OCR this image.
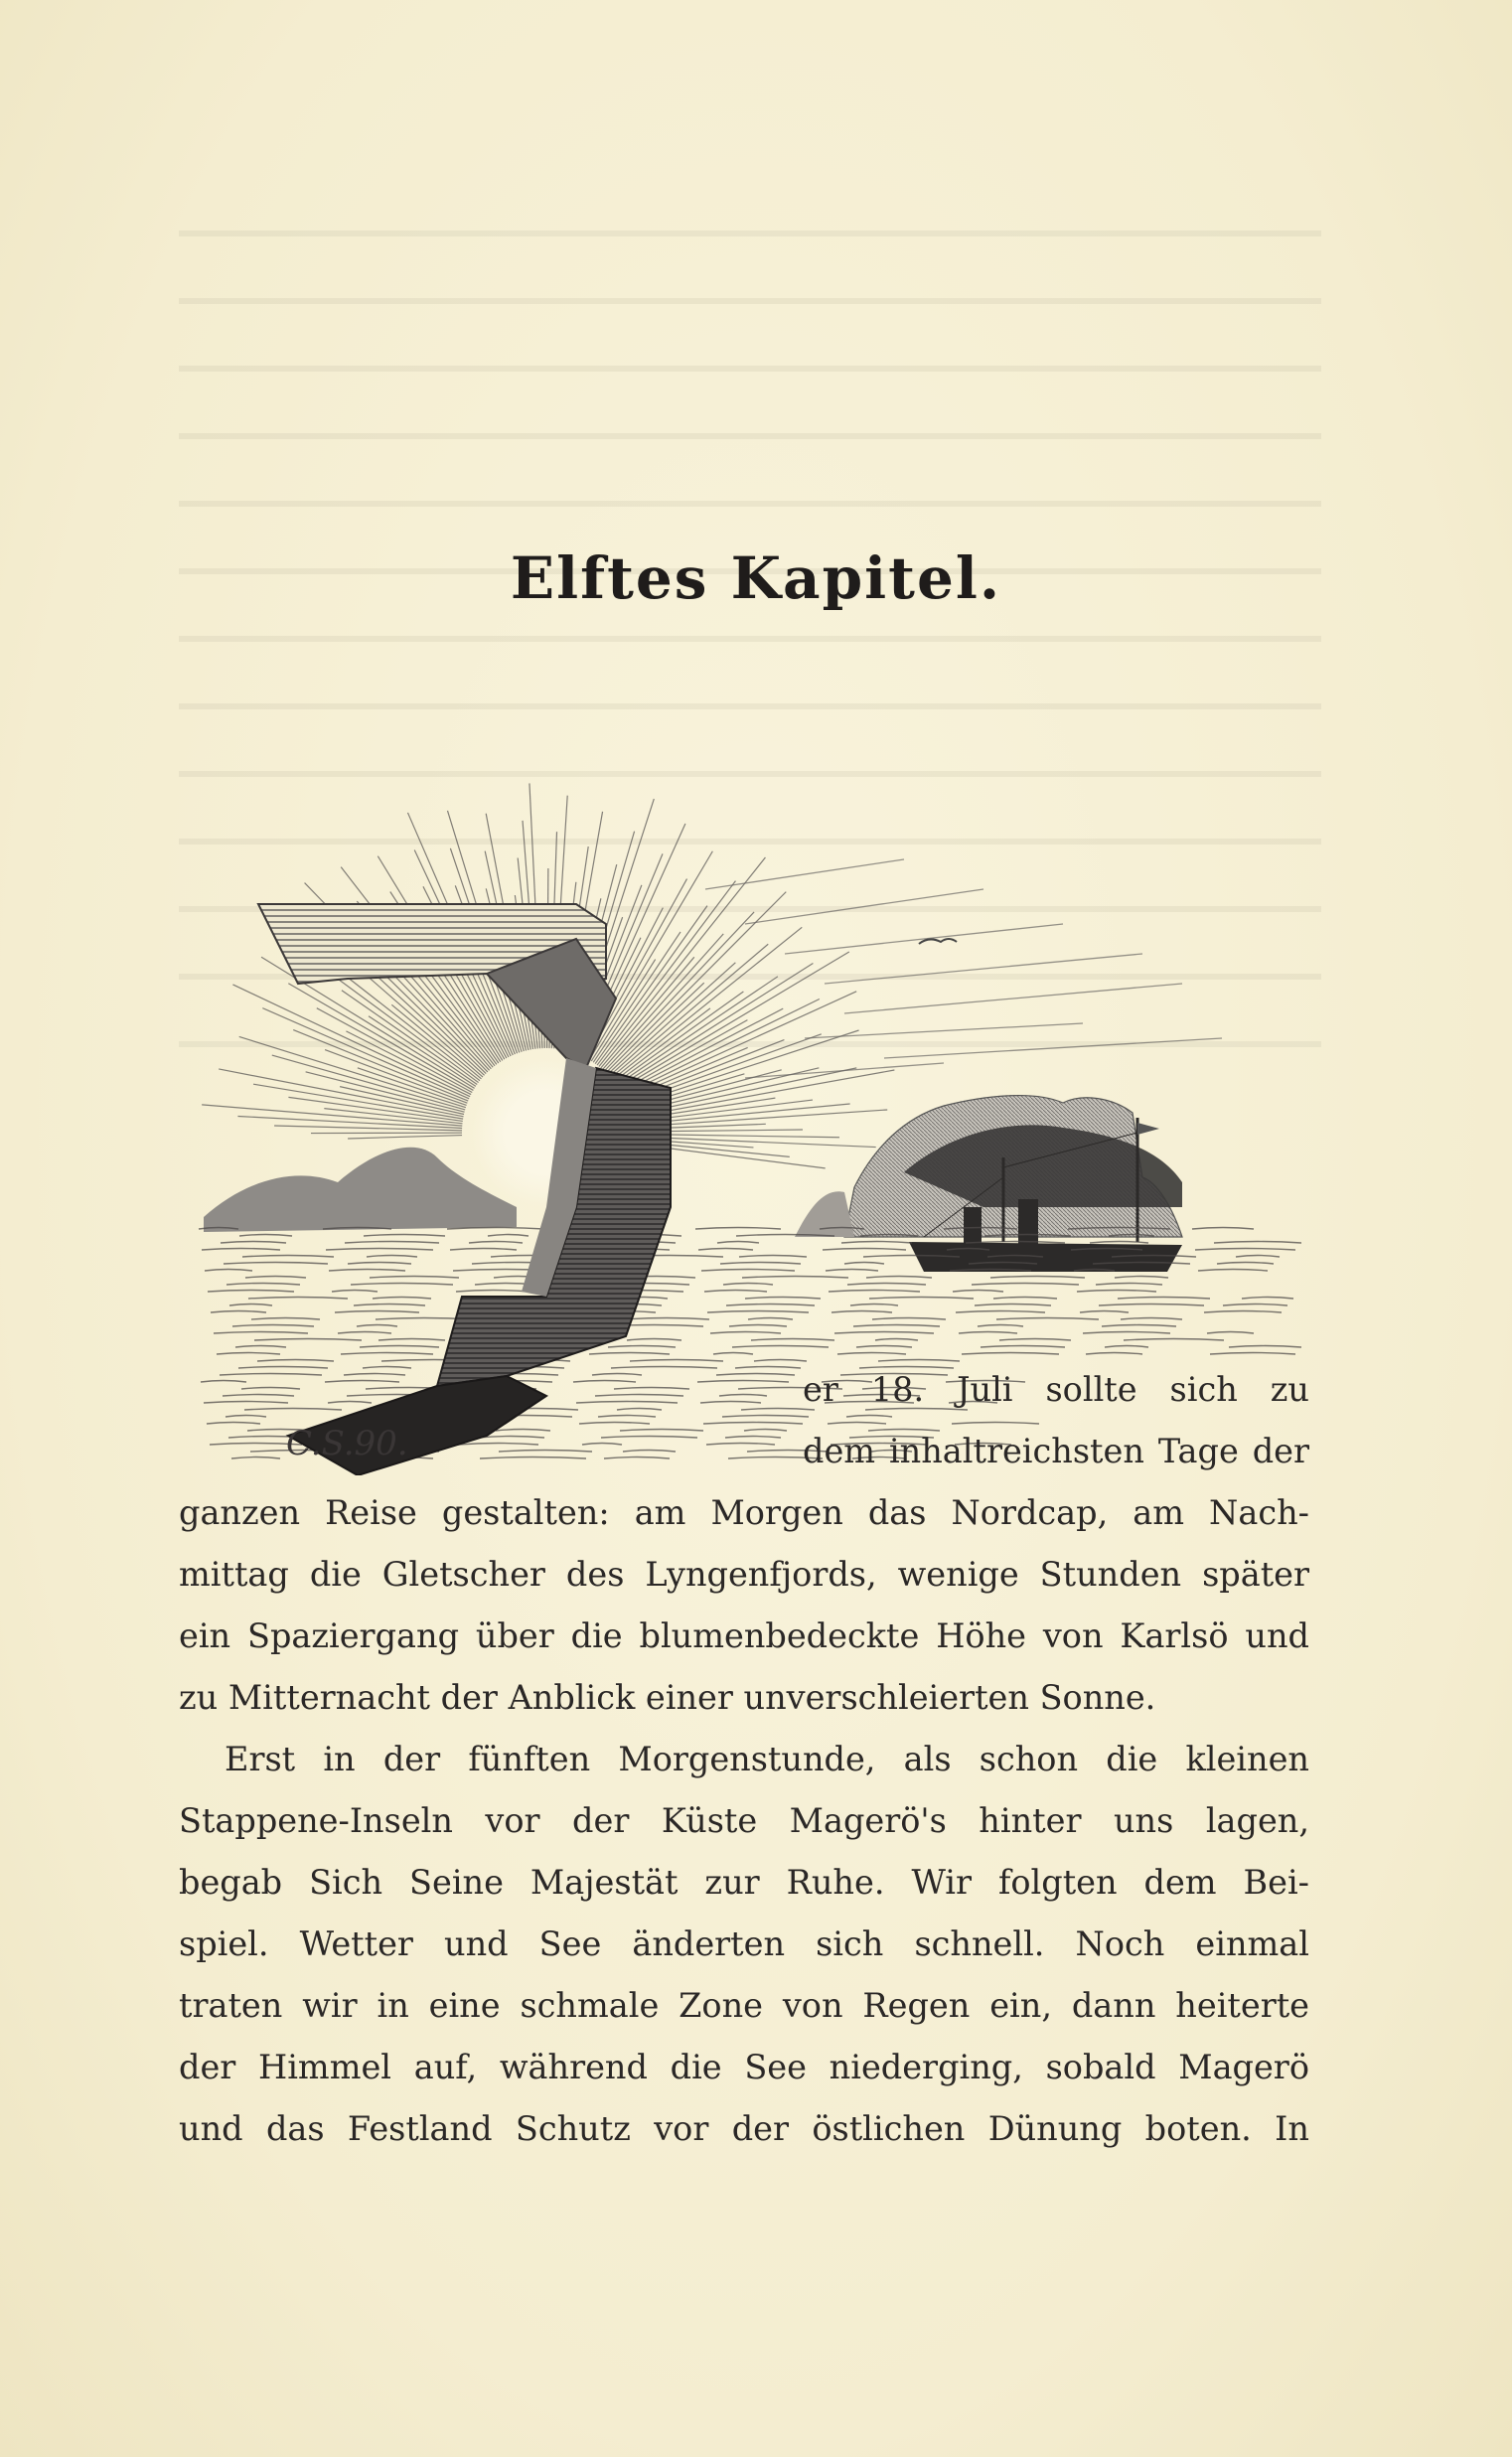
Elftes Kapitel.
C.S.90.
er 18. Juli sollte sich zu
dem inhaltreichsten Tage der
ganzen Reise gestalten: am Morgen das Nordcap, am Nach-
mittag die Gletscher des Lyngenfjords, wenige Stunden später
ein Spaziergang über die blumenbedeckte Höhe von Karlsö und
zu Mitternacht der Anblick einer unverschleierten Sonne.
Erst in der fünften Morgenstunde, als schon die kleinen
Stappene-Inseln vor der Küste Magerö's hinter uns lagen,
begab Sich Seine Majestät zur Ruhe. Wir folgten dem Bei-
spiel. Wetter und See änderten sich schnell. Noch einmal
traten wir in eine schmale Zone von Regen ein, dann heiterte
der Himmel auf, während die See niederging, sobald Magerö
und das Festland Schutz vor der östlichen Dünung boten. In
